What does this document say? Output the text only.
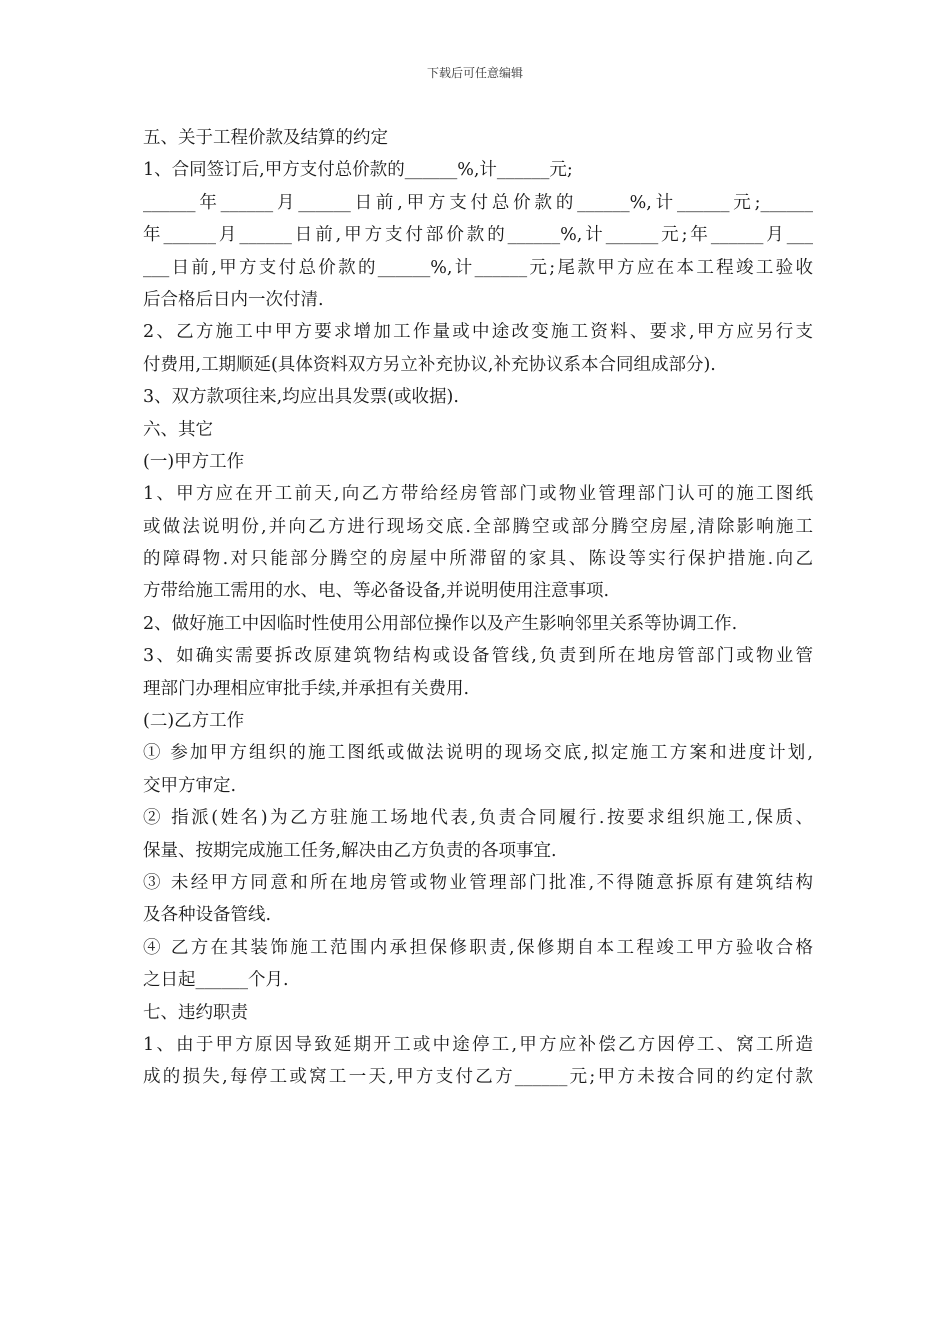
下载后可任意编辑
五、关于工程价款及结算的约定
1、合同签订后,甲方支付总价款的______%,计______元;
______年______月______日前,甲方支付总价款的______%,计______元;______
年______月______日前,甲方支付部价款的______%,计______元;年______月___
___日前,甲方支付总价款的______%,计______元;尾款甲方应在本工程竣工验收
后合格后日内一次付清.
2、乙方施工中甲方要求增加工作量或中途改变施工资料、要求,甲方应另行支
付费用,工期顺延(具体资料双方另立补充协议,补充协议系本合同组成部分).
3、双方款项往来,均应出具发票(或收据).
六、其它
(一)甲方工作
1、甲方应在开工前天,向乙方带给经房管部门或物业管理部门认可的施工图纸
或做法说明份,并向乙方进行现场交底.全部腾空或部分腾空房屋,清除影响施工
的障碍物.对只能部分腾空的房屋中所滞留的家具、陈设等实行保护措施.向乙
方带给施工需用的水、电、等必备设备,并说明使用注意事项.
2、做好施工中因临时性使用公用部位操作以及产生影响邻里关系等协调工作.
3、如确实需要拆改原建筑物结构或设备管线,负责到所在地房管部门或物业管
理部门办理相应审批手续,并承担有关费用.
(二)乙方工作
① 参加甲方组织的施工图纸或做法说明的现场交底,拟定施工方案和进度计划,
交甲方审定.
② 指派(姓名)为乙方驻施工场地代表,负责合同履行.按要求组织施工,保质、
保量、按期完成施工任务,解决由乙方负责的各项事宜.
③ 未经甲方同意和所在地房管或物业管理部门批准,不得随意拆原有建筑结构
及各种设备管线.
④ 乙方在其装饰施工范围内承担保修职责,保修期自本工程竣工甲方验收合格
之日起______个月.
七、违约职责
1、由于甲方原因导致延期开工或中途停工,甲方应补偿乙方因停工、窝工所造
成的损失,每停工或窝工一天,甲方支付乙方______元;甲方未按合同的约定付款
